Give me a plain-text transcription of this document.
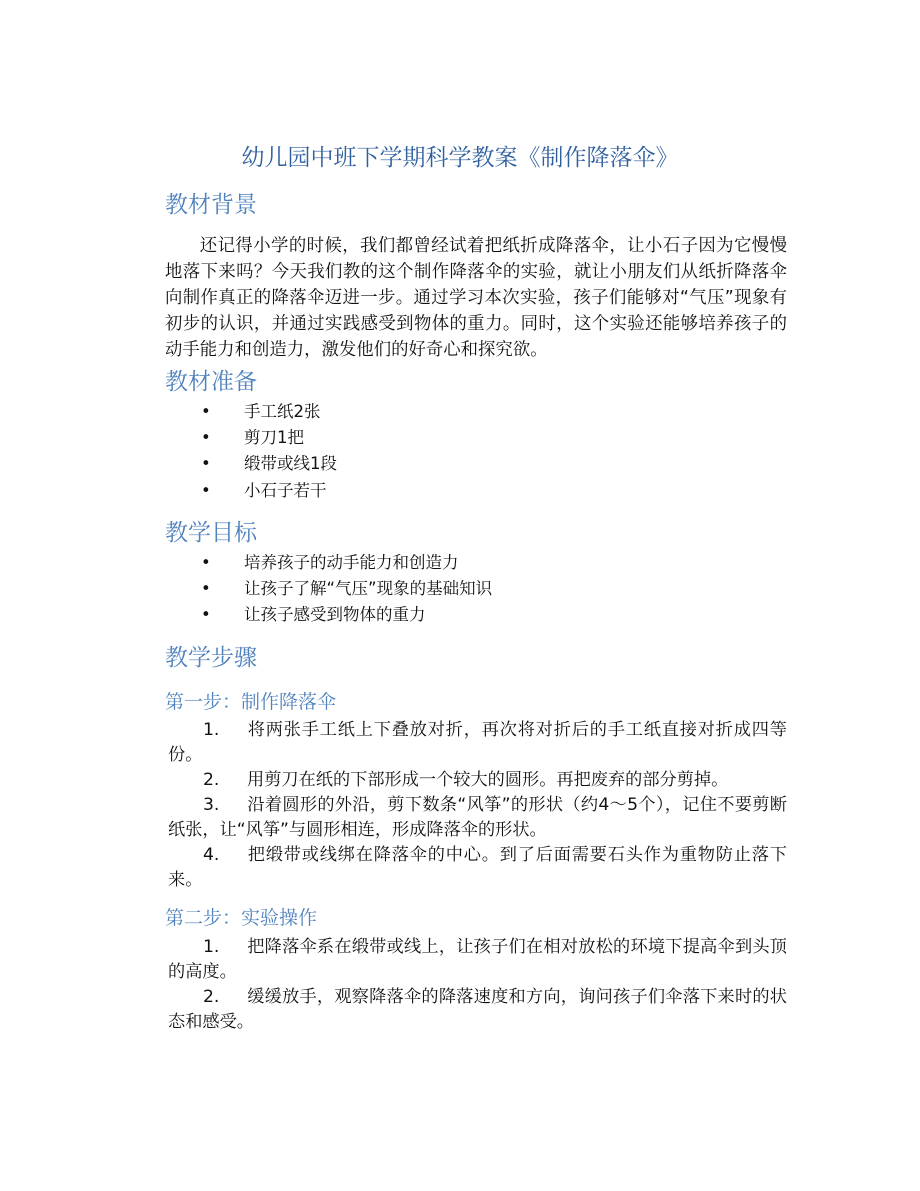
幼儿园中班下学期科学教案《制作降落伞》
教材背景
还记得小学的时候，我们都曾经试着把纸折成降落伞，让小石子因为它慢慢地落下来吗？今天我们教的这个制作降落伞的实验，就让小朋友们从纸折降落伞向制作真正的降落伞迈进一步。通过学习本次实验，孩子们能够对“气压”现象有初步的认识，并通过实践感受到物体的重力。同时，这个实验还能够培养孩子的动手能力和创造力，激发他们的好奇心和探究欲。
教材准备
• 手工纸2张
• 剪刀1把
• 缎带或线1段
• 小石子若干
教学目标
• 培养孩子的动手能力和创造力
• 让孩子了解“气压”现象的基础知识
• 让孩子感受到物体的重力
教学步骤
第一步：制作降落伞
1. 将两张手工纸上下叠放对折，再次将对折后的手工纸直接对折成四等份。
2. 用剪刀在纸的下部形成一个较大的圆形。再把废弃的部分剪掉。
3. 沿着圆形的外沿，剪下数条“风筝”的形状（约4～5个），记住不要剪断纸张，让“风筝”与圆形相连，形成降落伞的形状。
4. 把缎带或线绑在降落伞的中心。到了后面需要石头作为重物防止落下来。
第二步：实验操作
1. 把降落伞系在缎带或线上，让孩子们在相对放松的环境下提高伞到头顶的高度。
2. 缓缓放手，观察降落伞的降落速度和方向，询问孩子们伞落下来时的状态和感受。
